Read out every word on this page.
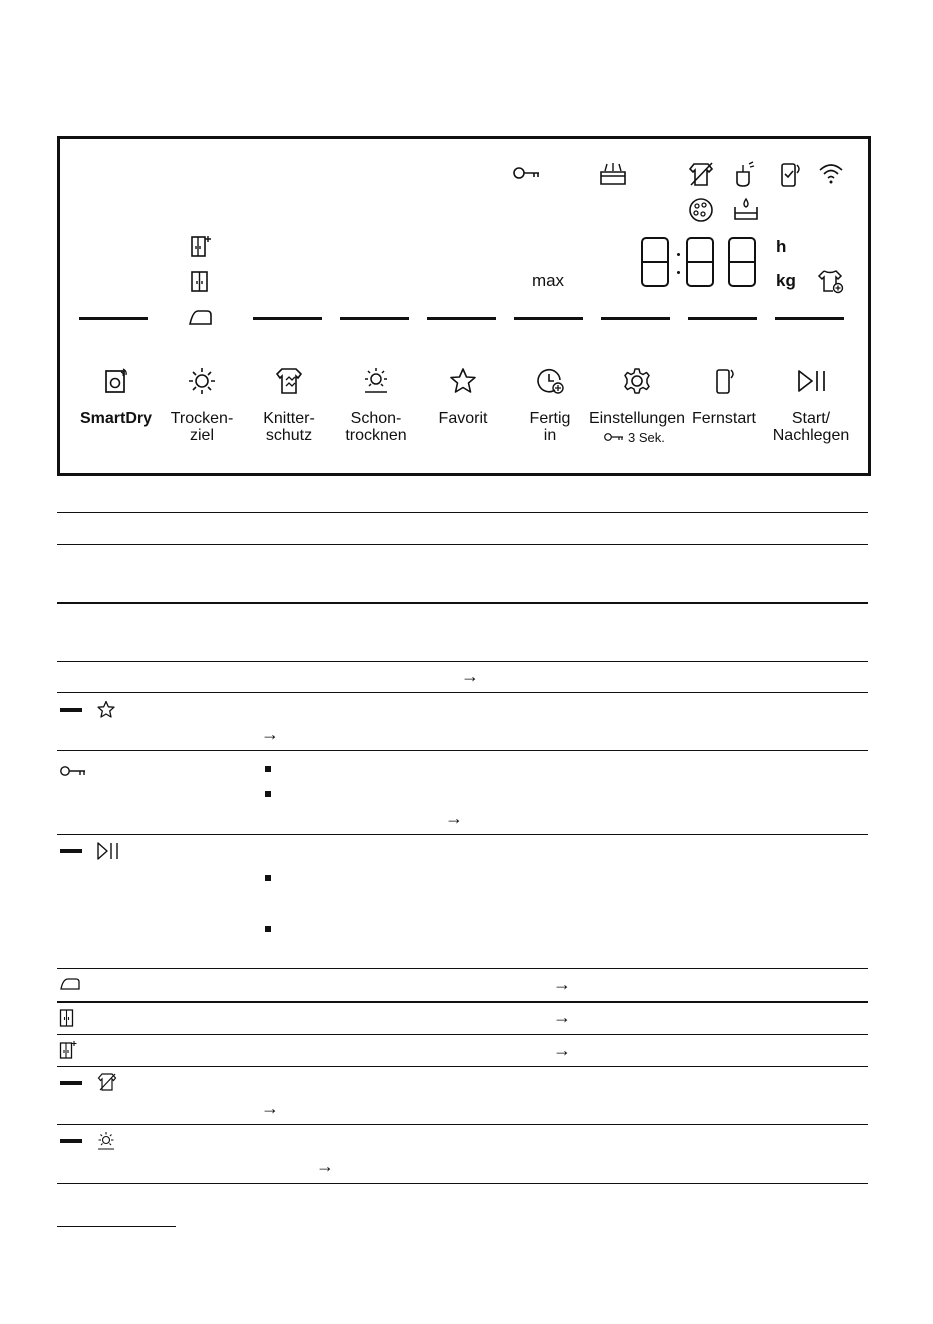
max
h
kg
SmartDry	Trocken-
ziel
Knitter-
schutz
Schon-
trocknen
Favorit	Fertig
in
Einstellungen
3 Sek.
Fernstart	Start/
Nachlegen
→
→
→
→
→
→
→
→
